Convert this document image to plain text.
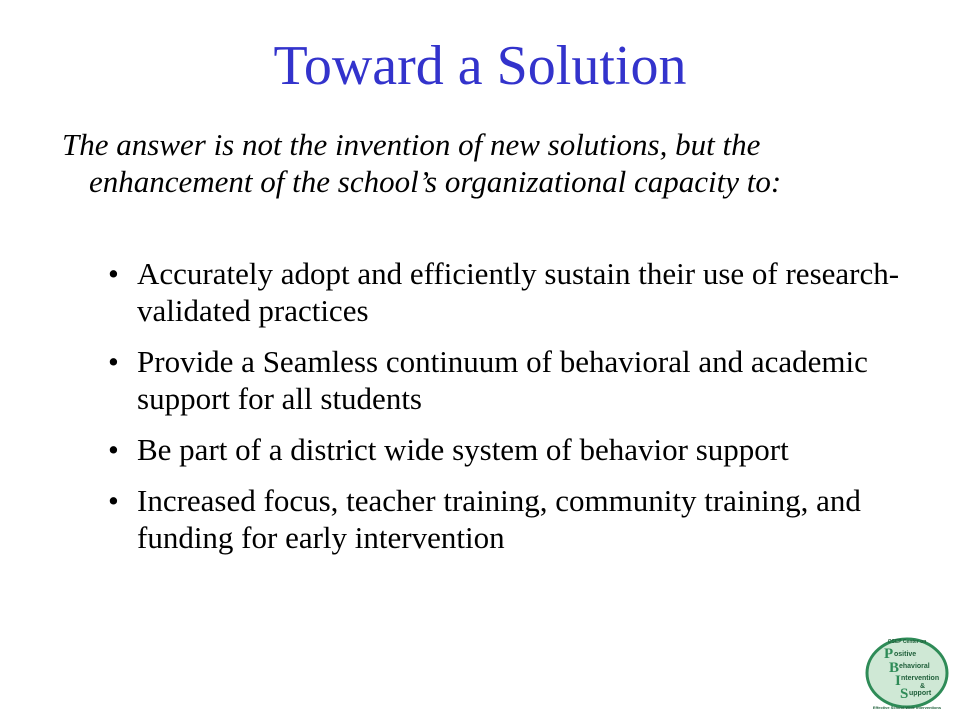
Toward a Solution
The answer is not the invention of new solutions, but the enhancement of the school’s organizational capacity to:
• Accurately adopt and efficiently sustain their use of research-validated practices
• Provide a Seamless continuum of behavioral and academic support for all students
• Be part of a district wide system of behavior support
• Increased focus, teacher training, community training, and funding for early intervention
OSEP Center on
P ositive
B ehavioral
I ntervention
&
S upport
Effective School-Wide Interventions
